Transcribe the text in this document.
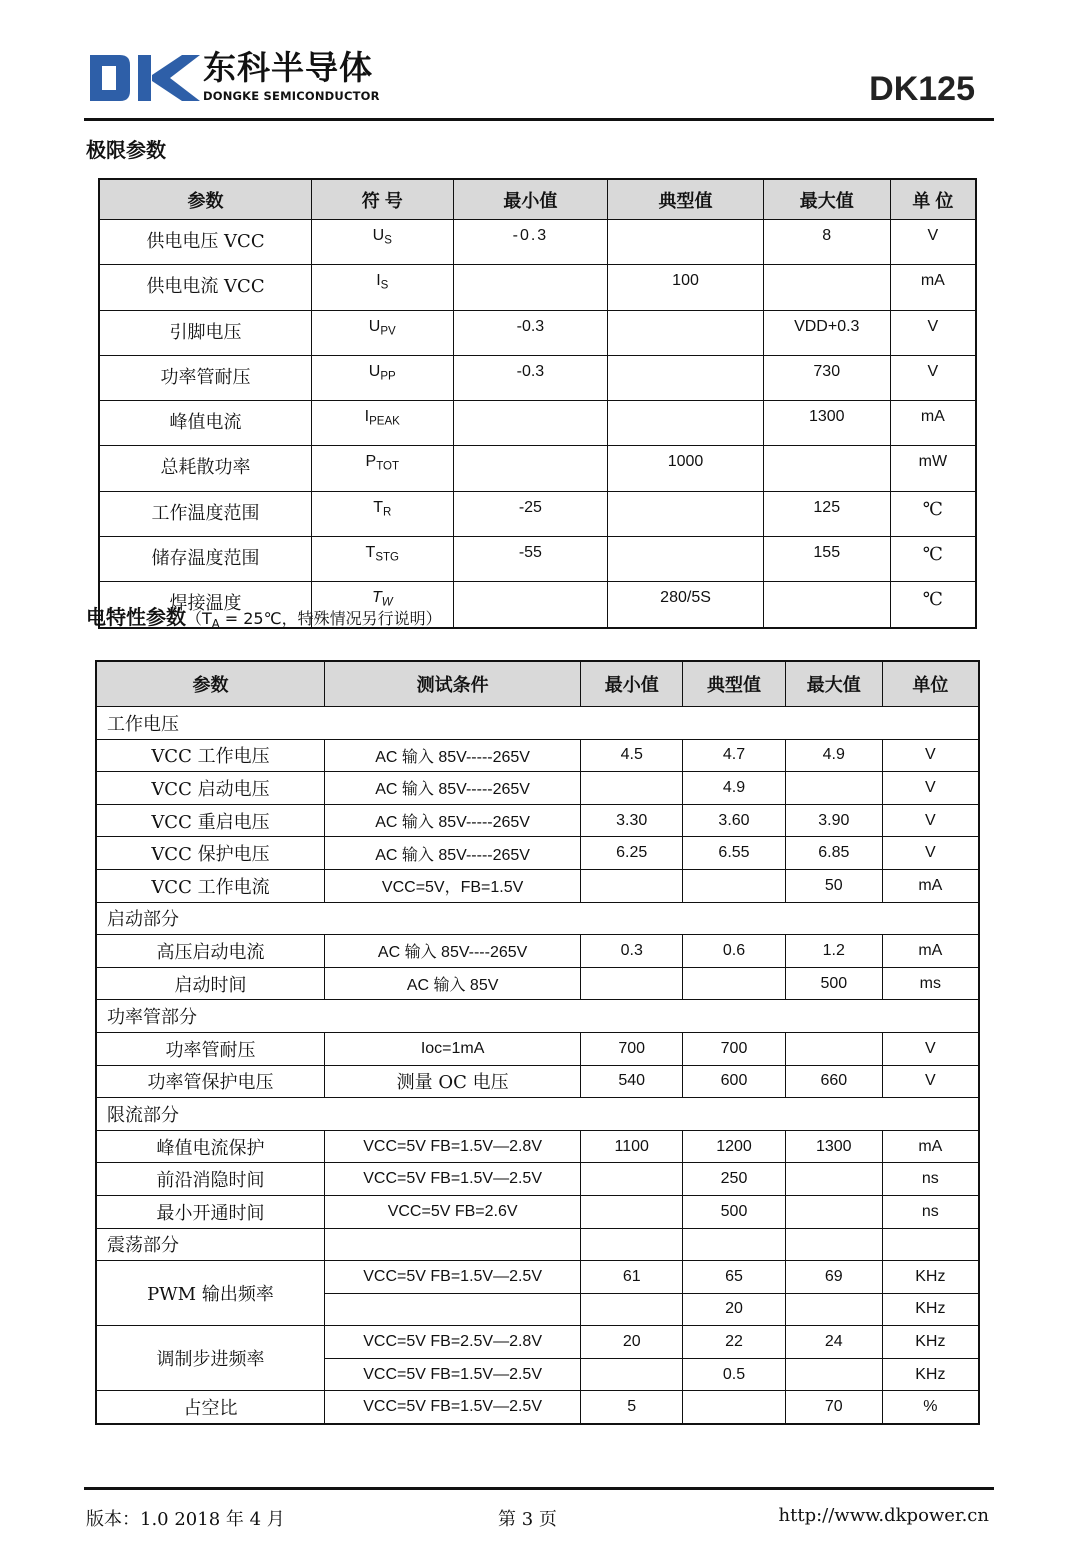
东科半导体
DONGKE SEMICONDUCTOR	DK125
极限参数
参数	符 号	最小值	典型值	最大值	单 位
供电电压 VCC	$U_S$	-0.3		8	V
供电电流 VCC	$I_S$		100		mA
引脚电压	$U_{PV}$	-0.3		VDD+0.3	V
功率管耐压	$U_{PP}$	-0.3		730	V
峰值电流	$I_{PEAK}$			1300	mA
总耗散功率	$P_{TOT}$		1000		mW
工作温度范围	$T_R$	-25		125	℃
储存温度范围	$T_{STG}$	-55		155	℃
焊接温度	$T_W$		280/5S		℃
电特性参数（$T_A$ = 25℃，特殊情况另行说明）
参数	测试条件	最小值	典型值	最大值	单位
工作电压					
VCC 工作电压	AC 输入 85V-----265V	4.5	4.7	4.9	V
VCC 启动电压	AC 输入 85V-----265V		4.9		V
VCC 重启电压	AC 输入 85V-----265V	3.30	3.60	3.90	V
VCC 保护电压	AC 输入 85V-----265V	6.25	6.55	6.85	V
VCC 工作电流	VCC=5V，FB=1.5V			50	mA
启动部分					
高压启动电流	AC 输入 85V----265V	0.3	0.6	1.2	mA
启动时间	AC 输入 85V			500	ms
功率管部分					
功率管耐压	Ioc=1mA	700	700		V
功率管保护电压	测量 OC 电压	540	600	660	V
限流部分					
峰值电流保护	VCC=5V FB=1.5V—2.8V	1100	1200	1300	mA
前沿消隐时间	VCC=5V FB=1.5V—2.5V		250		ns
最小开通时间	VCC=5V FB=2.6V		500		ns
震荡部分					
PWM 输出频率	VCC=5V FB=1.5V—2.5V	61	65	69	KHz
			20		KHz
调制步进频率	VCC=5V FB=2.5V—2.8V	20	22	24	KHz
	VCC=5V FB=1.5V—2.5V		0.5		KHz
占空比	VCC=5V FB=1.5V—2.5V	5		70	%
版本：1.0 2018 年 4 月	第 3 页	http://www.dkpower.cn
